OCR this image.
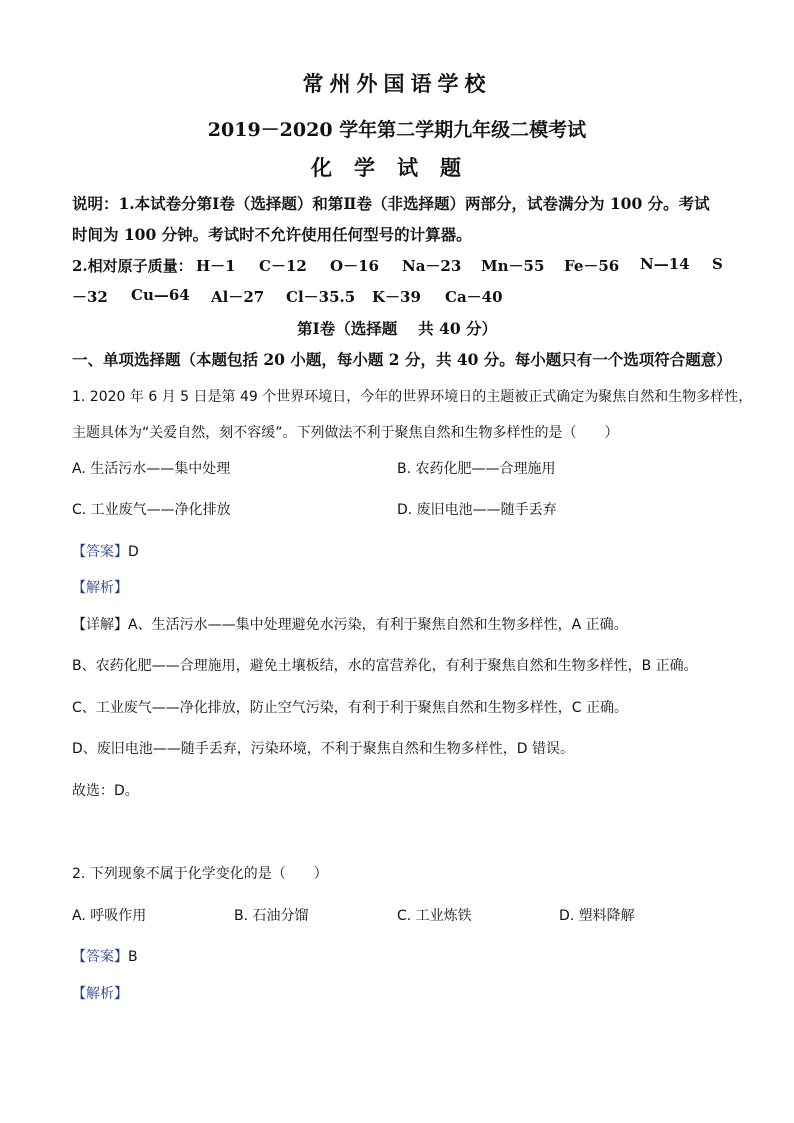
常州外国语学校
2019－2020 学年第二学期九年级二模考试
化学试题
说明：1.本试卷分第Ⅰ卷（选择题）和第Ⅱ卷（非选择题）两部分，试卷满分为 100 分。考试
时间为 100 分钟。考试时不允许使用任何型号的计算器。
2.相对原子质量： H－1 C－12 O－16 Na－23 Mn－55 Fe－56 N—14 S
－32 Cu—64 Al－27 Cl－35.5 K－39 Ca－40
第Ⅰ卷（选择题　 共 40 分）
一、单项选择题（本题包括 20 小题，每小题 2 分，共 40 分。每小题只有一个选项符合题意）
1. 2020 年 6 月 5 日是第 49 个世界环境日，今年的世界环境日的主题被正式确定为聚焦自然和生物多样性，
主题具体为“关爱自然，刻不容缓”。下列做法不利于聚焦自然和生物多样性的是（　　）
A. 生活污水——集中处理	B. 农药化肥——合理施用
C. 工业废气——净化排放	D. 废旧电池——随手丢弃
【答案】D
【解析】
【详解】A、生活污水——集中处理避免水污染，有利于聚焦自然和生物多样性，A 正确。
B、农药化肥——合理施用，避免土壤板结，水的富营养化，有利于聚焦自然和生物多样性，B 正确。
C、工业废气——净化排放，防止空气污染，有利于利于聚焦自然和生物多样性，C 正确。
D、废旧电池——随手丢弃，污染环境，不利于聚焦自然和生物多样性，D 错误。
故选：D。
2. 下列现象不属于化学变化的是（　　）
A. 呼吸作用	B. 石油分馏	C. 工业炼铁	D. 塑料降解
【答案】B
【解析】
